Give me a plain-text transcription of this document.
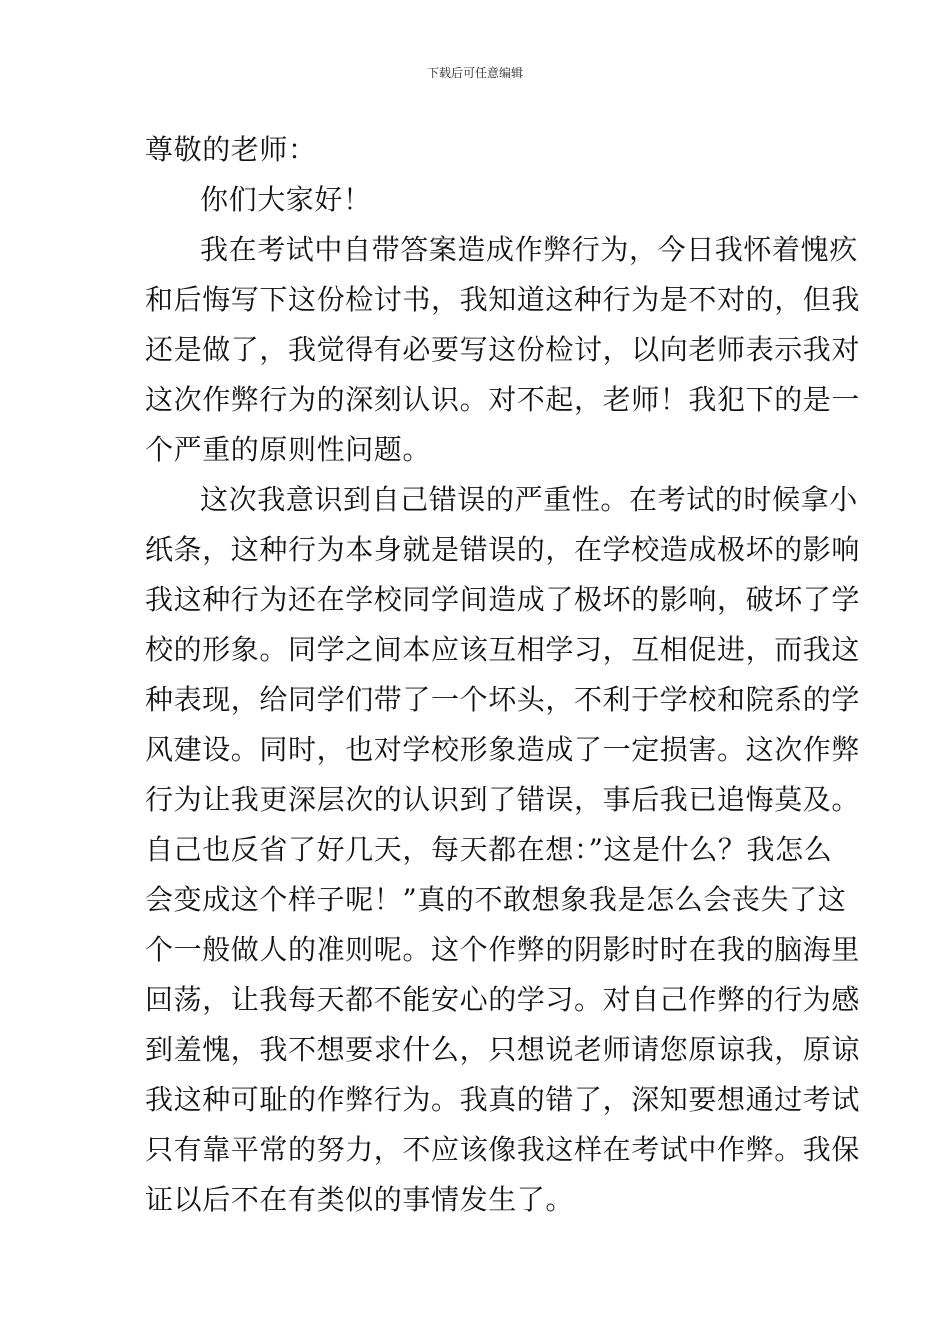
下载后可任意编辑
尊敬的老师：
你们大家好！
我在考试中自带答案造成作弊行为，今日我怀着愧疚
和后悔写下这份检讨书，我知道这种行为是不对的，但我
还是做了，我觉得有必要写这份检讨，以向老师表示我对
这次作弊行为的深刻认识。对不起，老师！我犯下的是一
个严重的原则性问题。
这次我意识到自己错误的严重性。在考试的时候拿小
纸条，这种行为本身就是错误的，在学校造成极坏的影响
我这种行为还在学校同学间造成了极坏的影响，破坏了学
校的形象。同学之间本应该互相学习，互相促进，而我这
种表现，给同学们带了一个坏头，不利于学校和院系的学
风建设。同时，也对学校形象造成了一定损害。这次作弊
行为让我更深层次的认识到了错误，事后我已追悔莫及。
自己也反省了好几天，每天都在想：”这是什么？我怎么
会变成这个样子呢！”真的不敢想象我是怎么会丧失了这
个一般做人的准则呢。这个作弊的阴影时时在我的脑海里
回荡，让我每天都不能安心的学习。对自己作弊的行为感
到羞愧，我不想要求什么，只想说老师请您原谅我，原谅
我这种可耻的作弊行为。我真的错了，深知要想通过考试
只有靠平常的努力，不应该像我这样在考试中作弊。我保
证以后不在有类似的事情发生了。
